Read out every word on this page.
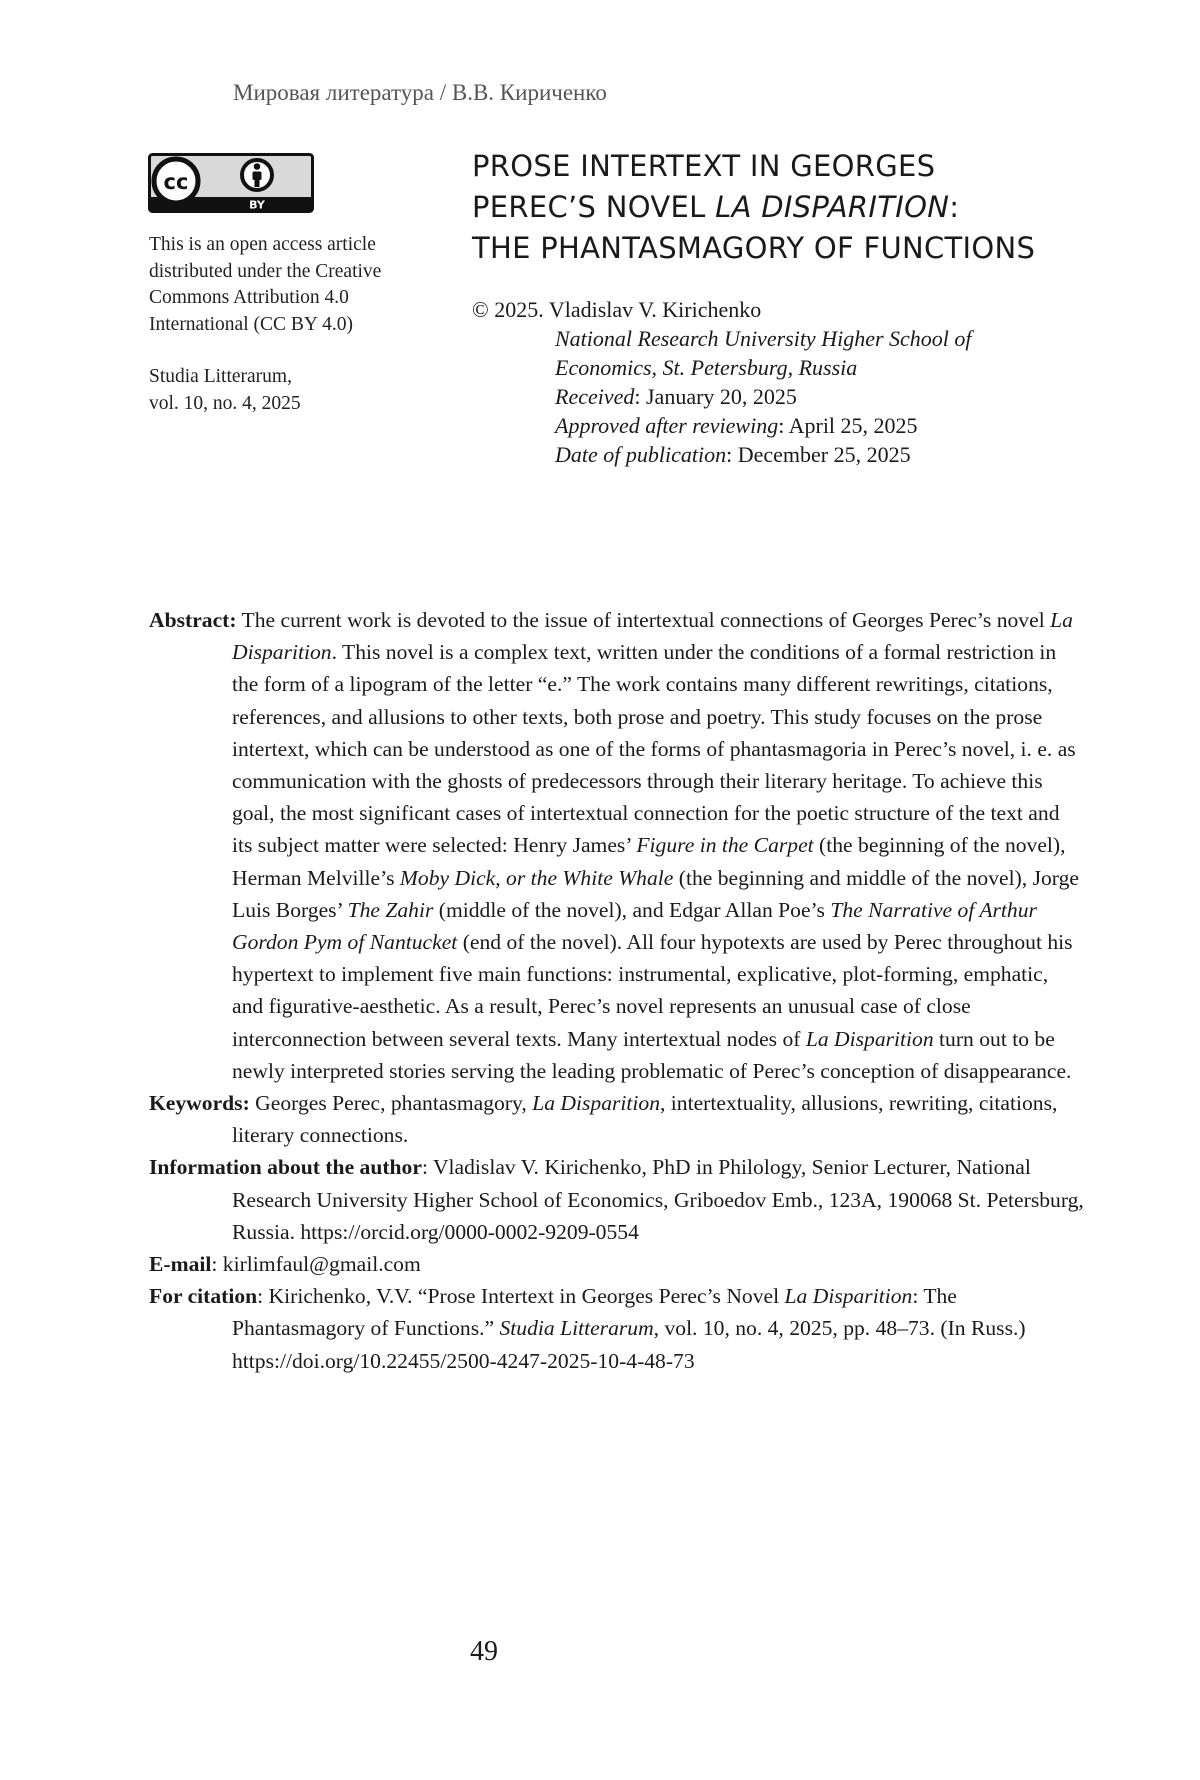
Мировая литература / В.В. Кириченко
cc
BY
This is an open access article
distributed under the Creative
Commons Attribution 4.0
International (CC BY 4.0)
Studia Litterarum,
vol. 10, no. 4, 2025
PROSE INTERTEXT IN GEORGES
PEREC’S NOVEL LA DISPARITION:
THE PHANTASMAGORY OF FUNCTIONS
© 2025. Vladislav V. Kirichenko
National Research University Higher School of
Economics, St. Petersburg, Russia
Received: January 20, 2025
Approved after reviewing: April 25, 2025
Date of publication: December 25, 2025

Abstract: The current work is devoted to the issue of intertextual connections of Georges Perec’s novel La Disparition. This novel is a complex text, written under the conditions of a formal restriction in the form of a lipogram of the letter “e.” The work contains many different rewritings, citations, references, and allusions to other texts, both prose and poetry. This study focuses on the prose intertext, which can be understood as one of the forms of phantasmagoria in Perec’s novel, i. e. as communication with the ghosts of predecessors through their literary heritage. To achieve this goal, the most significant cases of intertextual connection for the poetic structure of the text and its subject matter were selected: Henry James’ Figure in the Carpet (the beginning of the novel), Herman Melville’s Moby Dick, or the White Whale (the beginning and middle of the novel), Jorge Luis Borges’ The Zahir (middle of the novel), and Edgar Allan Poe’s The Narrative of Arthur Gordon Pym of Nantucket (end of the novel). All four hypotexts are used by Perec throughout his hypertext to implement five main functions: instrumental, explicative, plot-forming, emphatic, and figurative-aesthetic. As a result, Perec’s novel represents an unusual case of close interconnection between several texts. Many intertextual nodes of La Disparition turn out to be newly interpreted stories serving the leading problematic of Perec’s conception of disappearance.

Keywords: Georges Perec, phantasmagory, La Disparition, intertextuality, allusions, rewriting, citations, literary connections.

Information about the author: Vladislav V. Kirichenko, PhD in Philology, Senior Lecturer, National Research University Higher School of Economics, Griboedov Emb., 123A, 190068 St. Petersburg, Russia. https://orcid.org/0000-0002-9209-0554

E-mail: kirlimfaul@gmail.com

For citation: Kirichenko, V.V. “Prose Intertext in Georges Perec’s Novel La Disparition: The Phantasmagory of Functions.” Studia Litterarum, vol. 10, no. 4, 2025, pp. 48–73. (In Russ.) https://doi.org/10.22455/2500-4247-2025-10-4-48-73

49
